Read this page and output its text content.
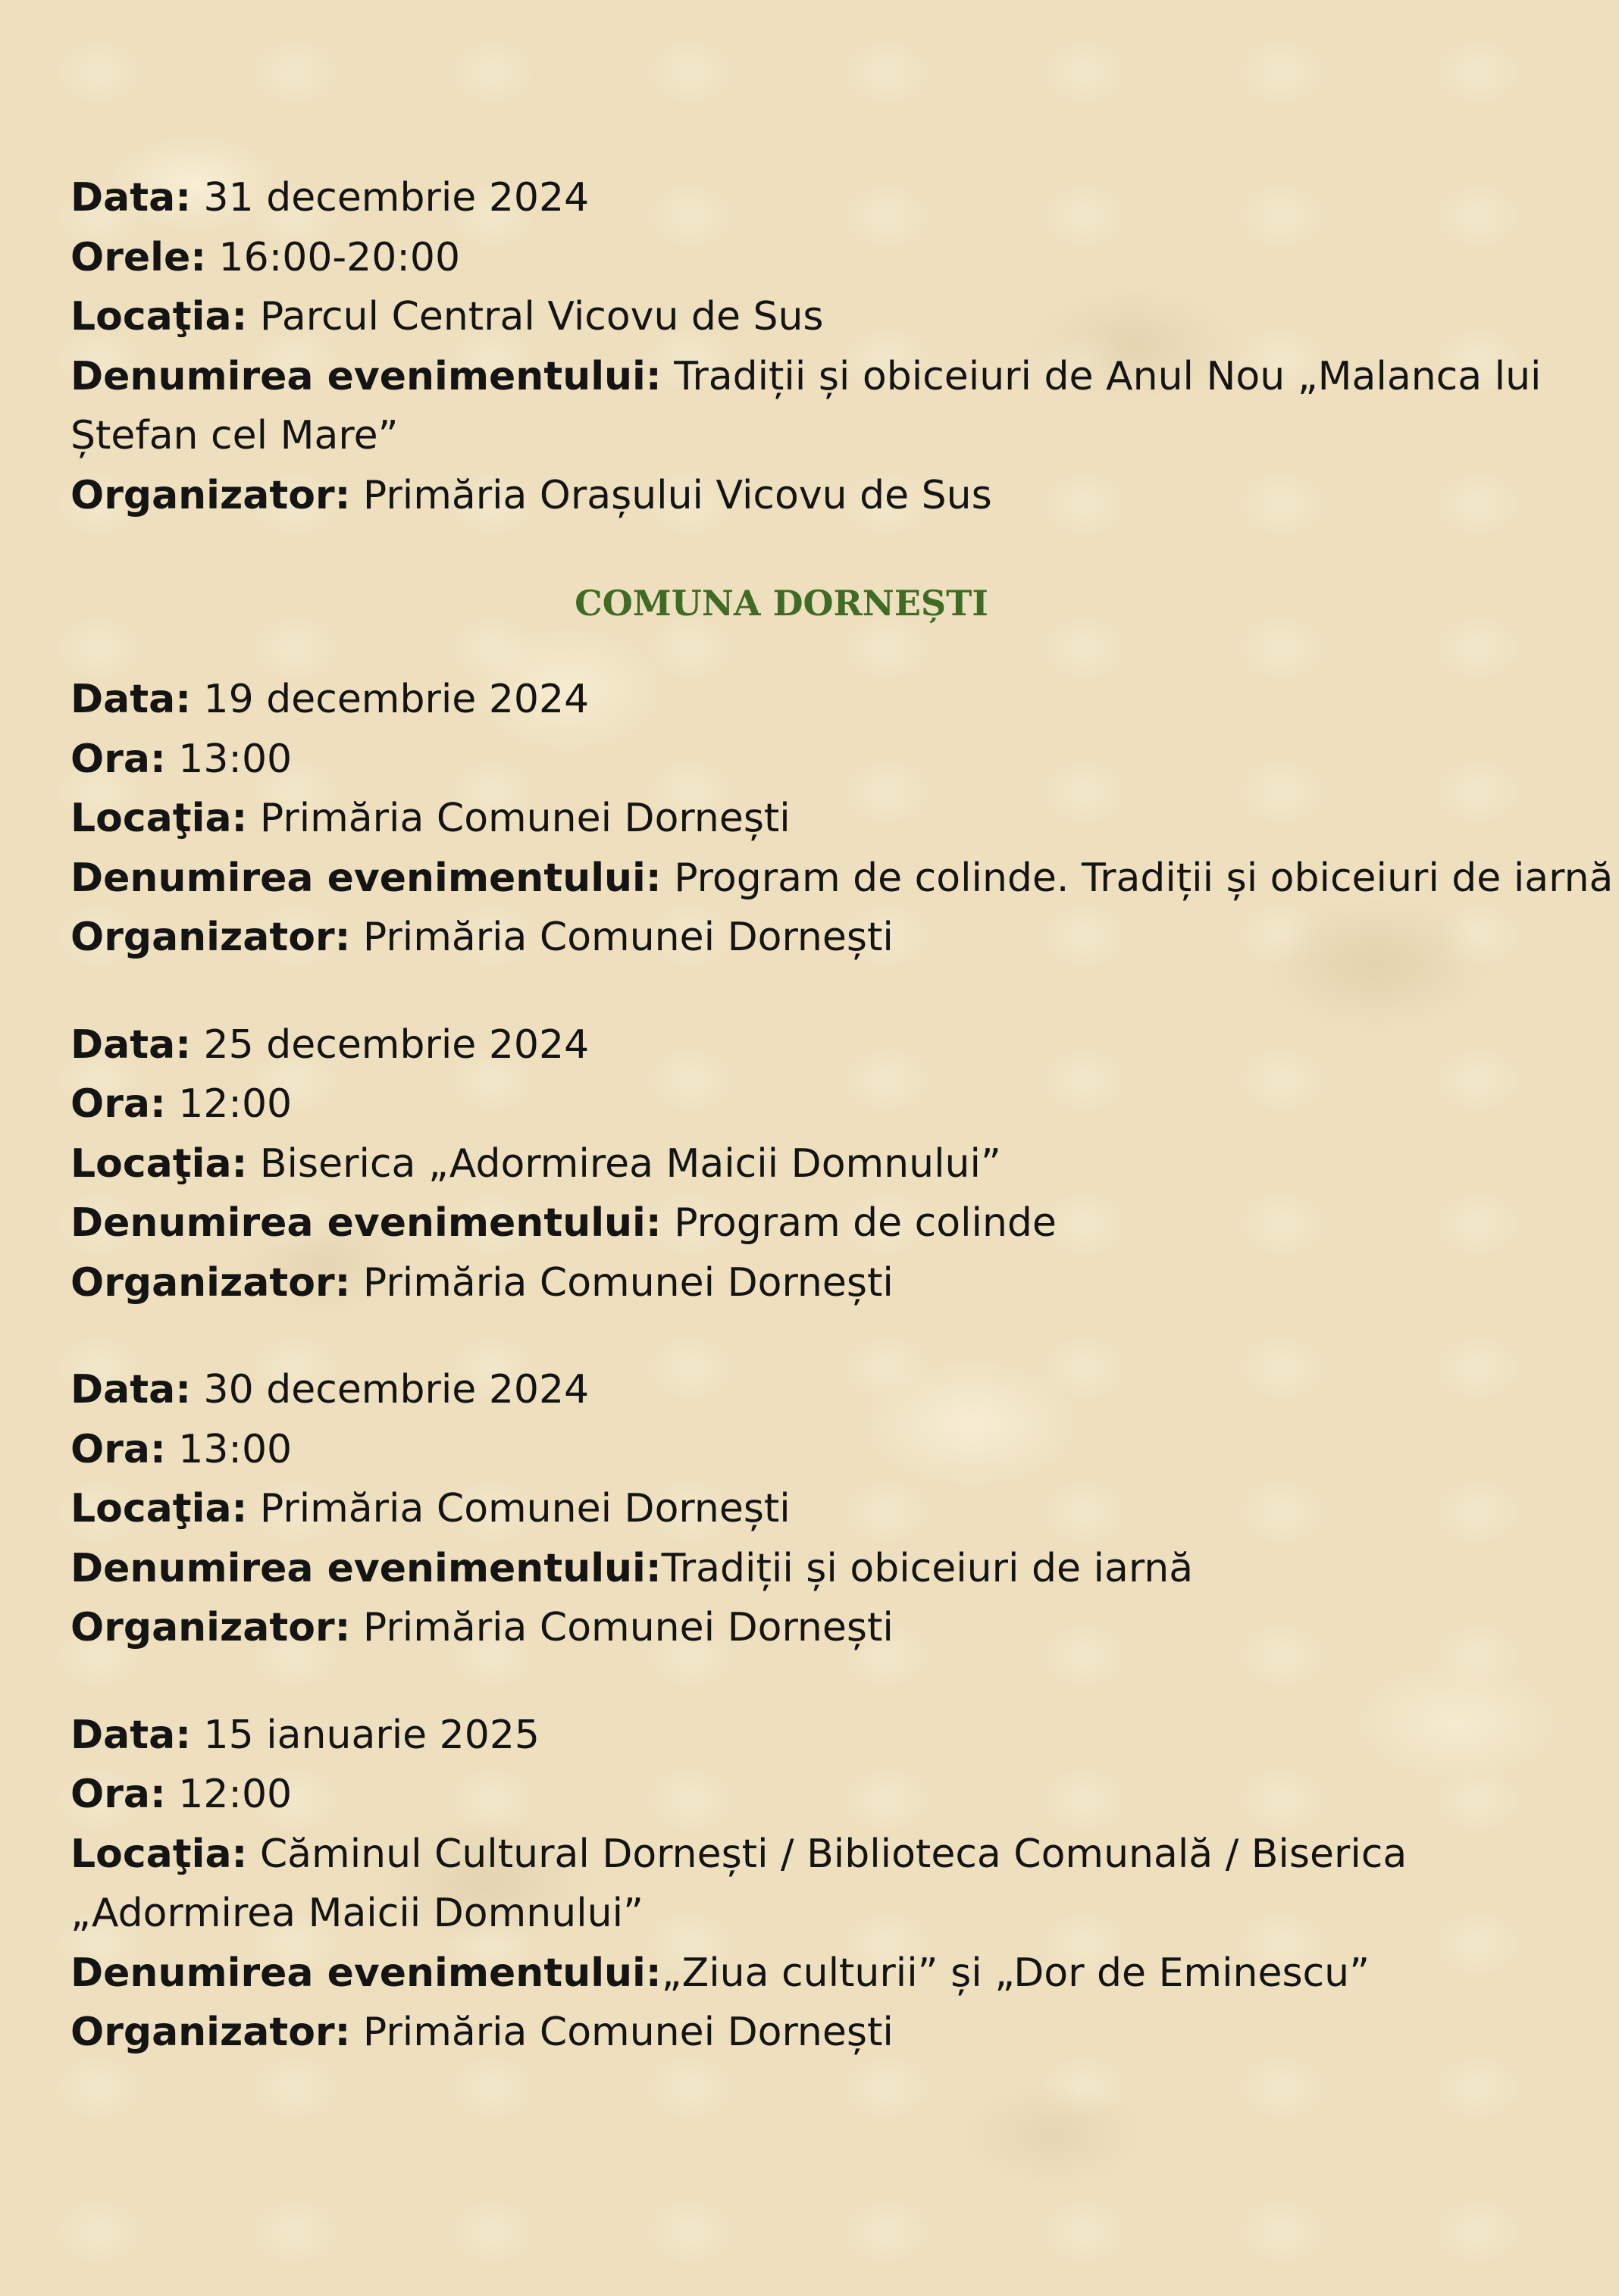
Data: 31 decembrie 2024
Orele: 16:00-20:00
Locaţia: Parcul Central Vicovu de Sus
Denumirea evenimentului: Tradiții și obiceiuri de Anul Nou „Malanca lui
Ștefan cel Mare”
Organizator: Primăria Orașului Vicovu de Sus
COMUNA DORNEȘTI
Data: 19 decembrie 2024
Ora: 13:00
Locaţia: Primăria Comunei Dornești
Denumirea evenimentului: Program de colinde. Tradiții și obiceiuri de iarnă
Organizator: Primăria Comunei Dornești
Data: 25 decembrie 2024
Ora: 12:00
Locaţia: Biserica „Adormirea Maicii Domnului”
Denumirea evenimentului: Program de colinde
Organizator: Primăria Comunei Dornești
Data: 30 decembrie 2024
Ora: 13:00
Locaţia: Primăria Comunei Dornești
Denumirea evenimentului:Tradiții și obiceiuri de iarnă
Organizator: Primăria Comunei Dornești
Data: 15 ianuarie 2025
Ora: 12:00
Locaţia: Căminul Cultural Dornești / Biblioteca Comunală / Biserica
„Adormirea Maicii Domnului”
Denumirea evenimentului:„Ziua culturii” și „Dor de Eminescu”
Organizator: Primăria Comunei Dornești
